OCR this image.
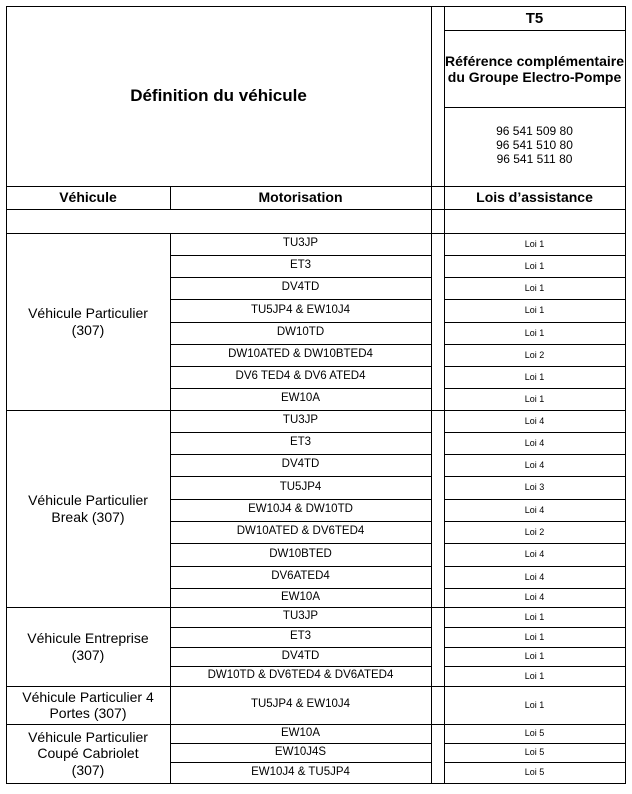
Définition du véhicule
T5
Référence complémentaire du Groupe Electro-Pompe
96 541 509 80
96 541 510 80
96 541 511 80
Véhicule	Motorisation	Lois d’assistance
Véhicule Particulier
(307)
TU3JP	Loi 1
ET3	Loi 1
DV4TD	Loi 1
TU5JP4 & EW10J4	Loi 1
DW10TD	Loi 1
DW10ATED & DW10BTED4	Loi 2
DV6 TED4 & DV6 ATED4	Loi 1
EW10A	Loi 1
Véhicule Particulier
Break (307)
TU3JP	Loi 4
ET3	Loi 4
DV4TD	Loi 4
TU5JP4	Loi 3
EW10J4 & DW10TD	Loi 4
DW10ATED & DV6TED4	Loi 2
DW10BTED	Loi 4
DV6ATED4	Loi 4
EW10A	Loi 4
Véhicule Entreprise
(307)
TU3JP	Loi 1
ET3	Loi 1
DV4TD	Loi 1
DW10TD & DV6TED4 & DV6ATED4	Loi 1
Véhicule Particulier 4
Portes (307)
TU5JP4 & EW10J4	Loi 1
Véhicule Particulier
Coupé Cabriolet
(307)
EW10A	Loi 5
EW10J4S	Loi 5
EW10J4 & TU5JP4	Loi 5
